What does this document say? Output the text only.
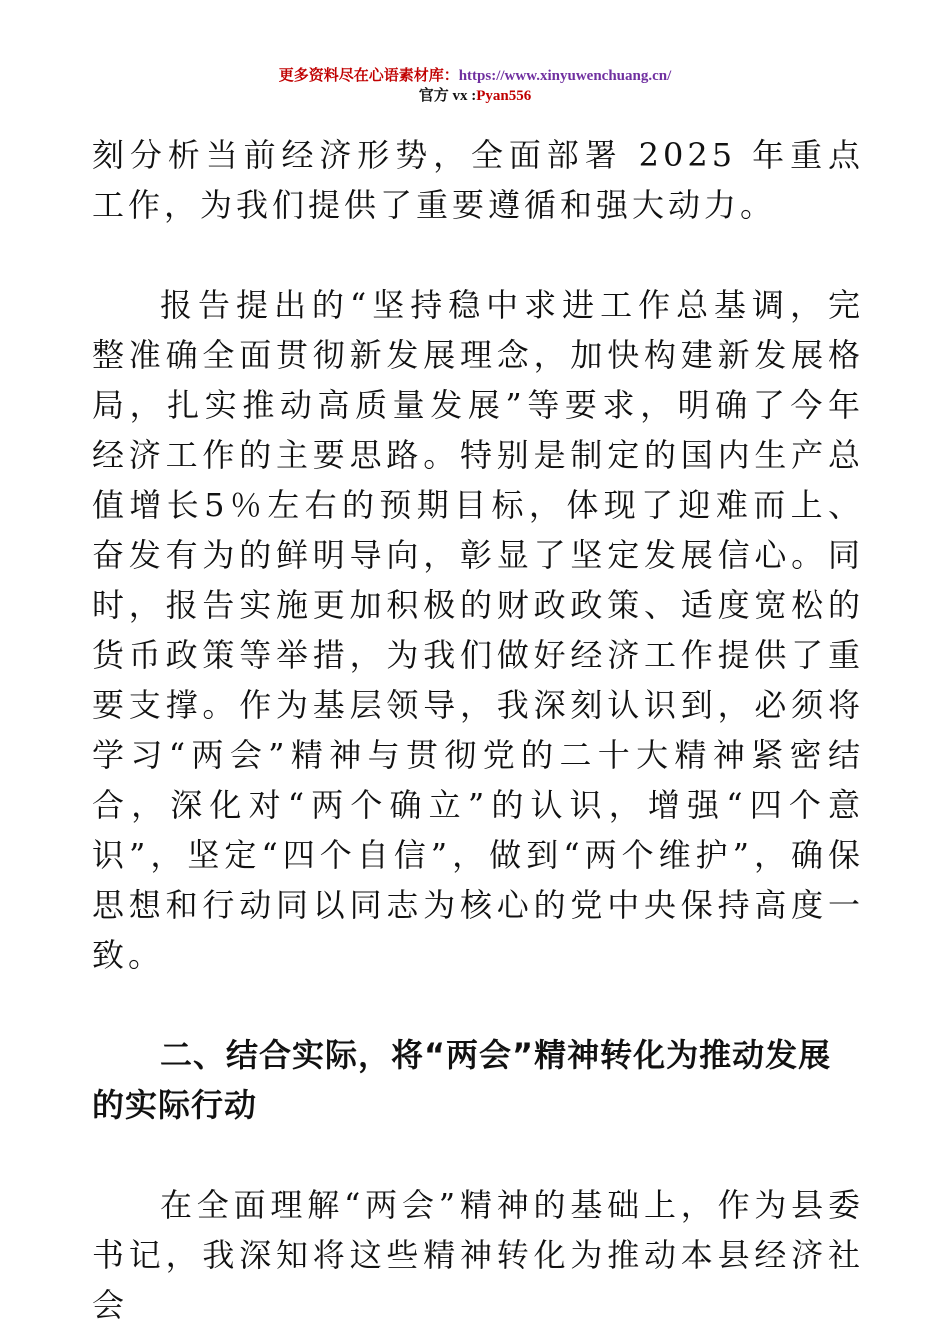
更多资料尽在心语素材库：https://www.xinyuwenchuang.cn/
官方 vx :Pyan556

刻分析当前经济形势，全面部署 2025 年重点工作，为我们提供了重要遵循和强大动力。

报告提出的“坚持稳中求进工作总基调，完整准确全面贯彻新发展理念，加快构建新发展格局，扎实推动高质量发展”等要求，明确了今年经济工作的主要思路。特别是制定的国内生产总值增长5％左右的预期目标，体现了迎难而上、奋发有为的鲜明导向，彰显了坚定发展信心。同时，报告实施更加积极的财政政策、适度宽松的货币政策等举措，为我们做好经济工作提供了重要支撑。作为基层领导，我深刻认识到，必须将学习“两会”精神与贯彻党的二十大精神紧密结合，深化对“两个确立”的认识，增强“四个意识”，坚定“四个自信”，做到“两个维护”，确保思想和行动同以同志为核心的党中央保持高度一致。

二、结合实际，将“两会”精神转化为推动发展的实际行动

在全面理解“两会”精神的基础上，作为县委书记，我深知将这些精神转化为推动本县经济社会
